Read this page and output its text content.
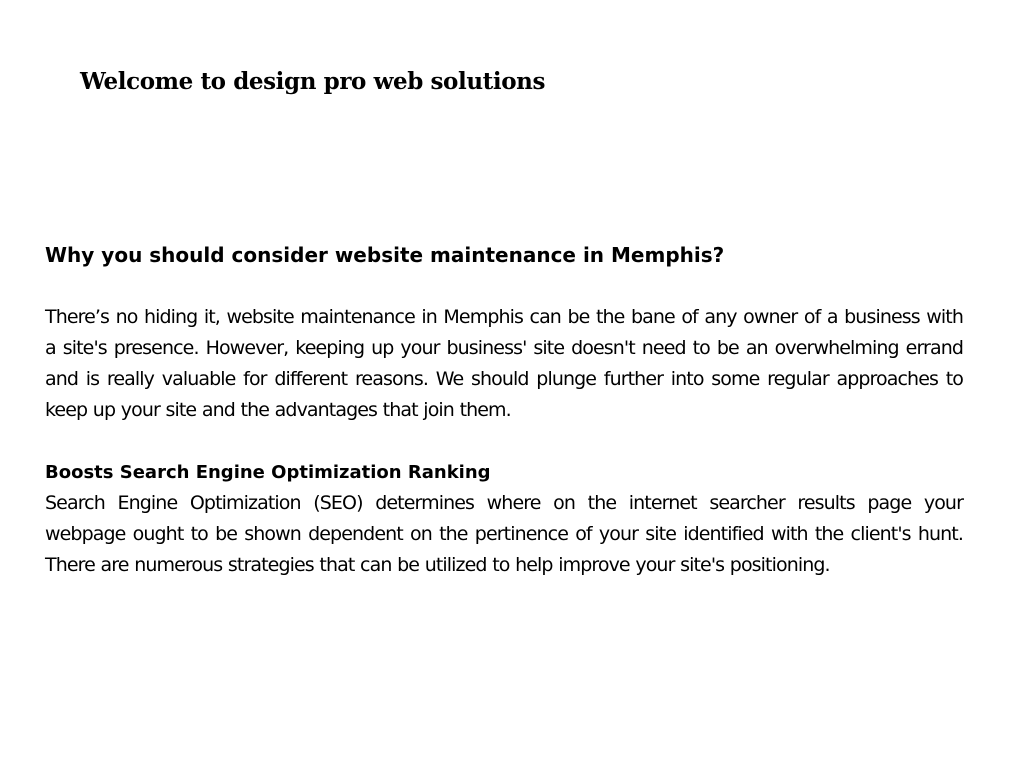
Welcome to design pro web solutions
Why you should consider website maintenance in Memphis?

There’s no hiding it, website maintenance in Memphis can be the bane of any owner of a business with a site's presence. However, keeping up your business' site doesn't need to be an overwhelming errand and is really valuable for different reasons. We should plunge further into some regular approaches to keep up your site and the advantages that join them.

Boosts Search Engine Optimization Ranking

Search Engine Optimization (SEO) determines where on the internet searcher results page your webpage ought to be shown dependent on the pertinence of your site identified with the client's hunt. There are numerous strategies that can be utilized to help improve your site's positioning.
